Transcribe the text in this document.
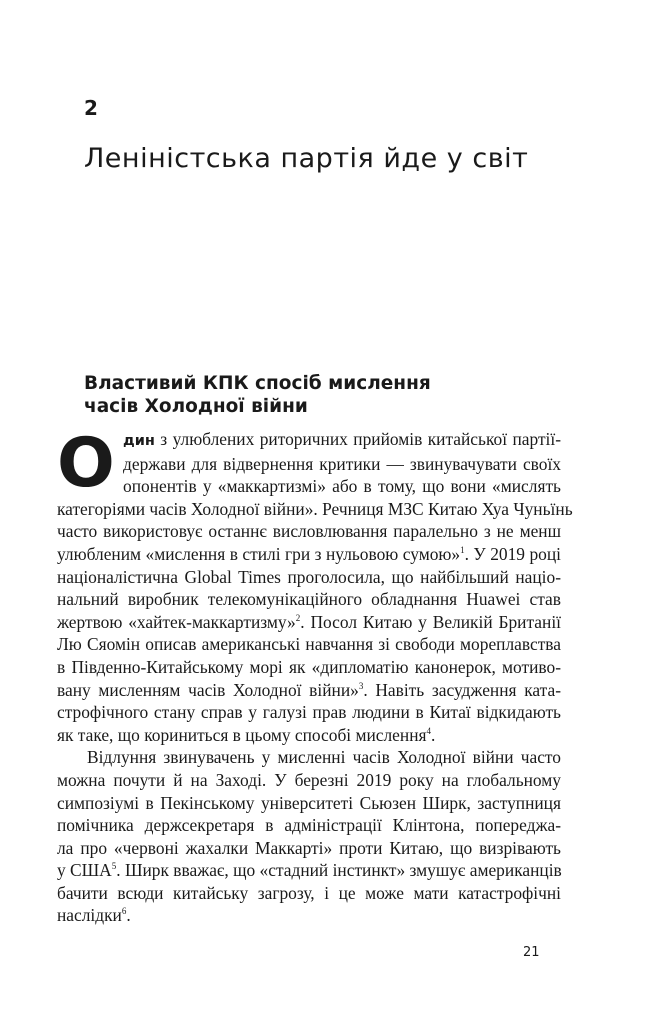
2
Леніністська партія йде у світ
Властивий КПК спосіб мислення
часів Холодної війни
О дин з улюблених риторичних прийомів китайської партії-
держави для відвернення критики — звинувачувати своїх
опонентів у «маккартизмі» або в тому, що вони «мислять
категоріями часів Холодної війни». Речниця МЗС Китаю Хуа Чуньїнь
часто використовує останнє висловлювання паралельно з не менш
улюбленим «мислення в стилі гри з нульовою сумою»$^1$. У 2019 році
націоналістична Global Times проголосила, що найбільший націо-
нальний виробник телекомунікаційного обладнання Huawei став
жертвою «хайтек-маккартизму»$^2$. Посол Китаю у Великій Британії
Лю Сяомін описав американські навчання зі свободи мореплавства
в Південно-Китайському морі як «дипломатію канонерок, мотиво-
вану мисленням часів Холодної війни»$^3$. Навіть засудження ката-
строфічного стану справ у галузі прав людини в Китаї відкидають
як таке, що кориниться в цьому способі мислення$^4$.
Відлуння звинувачень у мисленні часів Холодної війни часто
можна почути й на Заході. У березні 2019 року на глобальному
симпозіумі в Пекінському університеті Сьюзен Ширк, заступниця
помічника держсекретаря в адміністрації Клінтона, попереджа-
ла про «червоні жахалки Маккарті» проти Китаю, що визрівають
у США$^5$. Ширк вважає, що «стадний інстинкт» змушує американців
бачити всюди китайську загрозу, і це може мати катастрофічні
наслідки$^6$.
21
